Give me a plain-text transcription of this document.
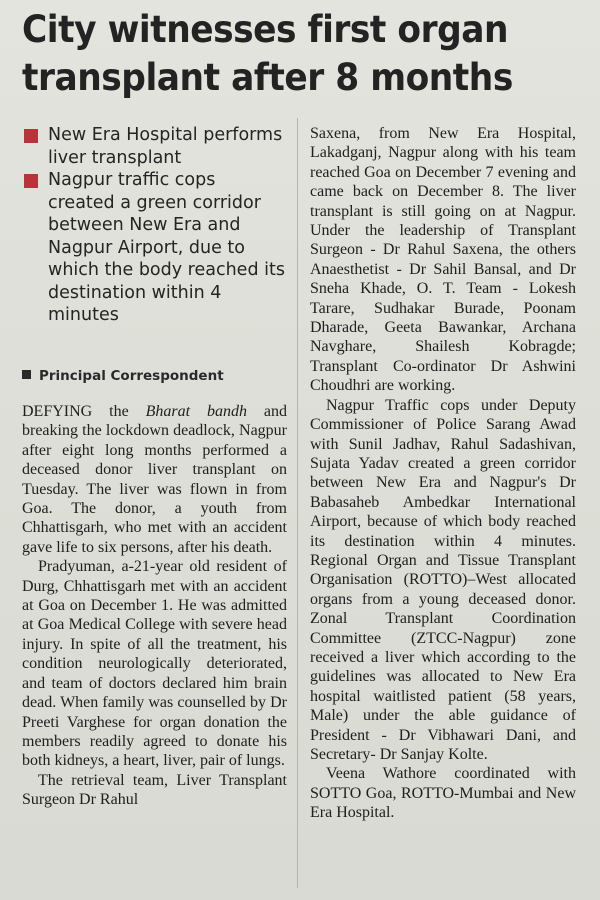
City witnesses first organ
transplant after 8 months
New Era Hospital performs liver transplant
Nagpur traffic cops created a green corridor between New Era and Nagpur Airport, due to which the body reached its destination within 4 minutes
Principal Correspondent

DEFYING the Bharat bandh and breaking the lockdown deadlock, Nagpur after eight long months performed a deceased donor liver transplant on Tuesday. The liver was flown in from Goa. The donor, a youth from Chhattisgarh, who met with an accident gave life to six persons, after his death.

Pradyuman, a-21-year old resident of Durg, Chhattisgarh met with an accident at Goa on December 1. He was admitted at Goa Medical College with severe head injury. In spite of all the treatment, his condition neurologically deteriorated, and team of doctors declared him brain dead. When family was counselled by Dr Preeti Varghese for organ donation the members readily agreed to donate his both kidneys, a heart, liver, pair of lungs.

The retrieval team, Liver Transplant Surgeon Dr Rahul

Saxena, from New Era Hospital, Lakadganj, Nagpur along with his team reached Goa on December 7 evening and came back on December 8. The liver transplant is still going on at Nagpur. Under the leadership of Transplant Surgeon - Dr Rahul Saxena, the others Anaesthetist - Dr Sahil Bansal, and Dr Sneha Khade, O. T. Team - Lokesh Tarare, Sudhakar Burade, Poonam Dharade, Geeta Bawankar, Archana Navghare, Shailesh Kobragde; Transplant Co-ordinator Dr Ashwini Choudhri are working.

Nagpur Traffic cops under Deputy Commissioner of Police Sarang Awad with Sunil Jadhav, Rahul Sadashivan, Sujata Yadav created a green corridor between New Era and Nagpur's Dr Babasaheb Ambedkar International Airport, because of which body reached its destination within 4 minutes. Regional Organ and Tissue Transplant Organisation (ROTTO)–West allocated organs from a young deceased donor. Zonal Transplant Coordination Committee (ZTCC-Nagpur) zone received a liver which according to the guidelines was allocated to New Era hospital waitlisted patient (58 years, Male) under the able guidance of President - Dr Vibhawari Dani, and Secretary- Dr Sanjay Kolte.

Veena Wathore coordinated with SOTTO Goa, ROTTO-Mumbai and New Era Hospital.
